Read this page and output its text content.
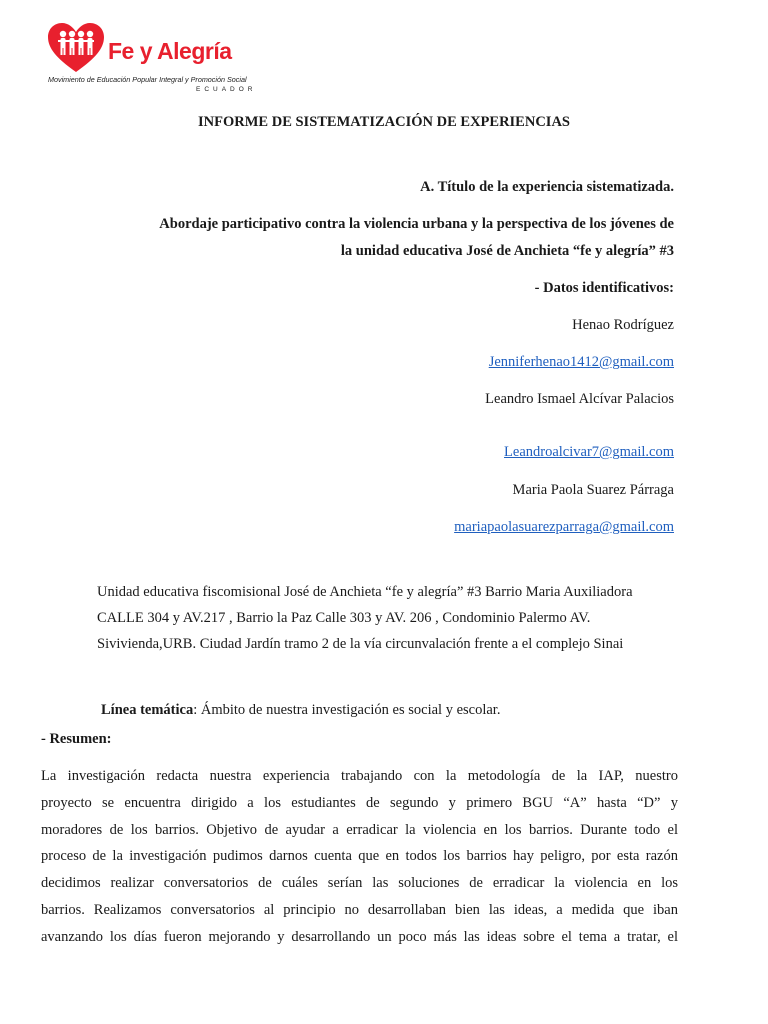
Fe y Alegría
Movimiento de Educación Popular Integral y Promoción Social
ECUADOR
INFORME DE SISTEMATIZACIÓN DE EXPERIENCIAS
A. Título de la experiencia sistematizada.
Abordaje participativo contra la violencia urbana y la perspectiva de los jóvenes de
la unidad educativa José de Anchieta “fe y alegría” #3
- Datos identificativos:
Henao Rodríguez
Jenniferhenao1412@gmail.com
Leandro Ismael Alcívar Palacios
Leandroalcivar7@gmail.com
Maria Paola Suarez Párraga
mariapaolasuarezparraga@gmail.com
Unidad educativa fiscomisional José de Anchieta “fe y alegría” #3 Barrio Maria Auxiliadora
CALLE 304 y AV.217 , Barrio la Paz Calle 303 y AV. 206 , Condominio Palermo AV.
Sivivienda,URB. Ciudad Jardín tramo 2 de la vía circunvalación frente a el complejo Sinai
Línea temática: Ámbito de nuestra investigación es social y escolar.
- Resumen:
La investigación redacta nuestra experiencia trabajando con la metodología de la IAP, nuestro
proyecto se encuentra dirigido a los estudiantes de segundo y primero BGU “A” hasta “D” y
moradores de los barrios. Objetivo de ayudar a erradicar la violencia en los barrios. Durante todo el
proceso de la investigación pudimos darnos cuenta que en todos los barrios hay peligro, por esta razón
decidimos realizar conversatorios de cuáles serían las soluciones de erradicar la violencia en los
barrios. Realizamos conversatorios al principio no desarrollaban bien las ideas, a medida que iban
avanzando los días fueron mejorando y desarrollando un poco más las ideas sobre el tema a tratar, el
